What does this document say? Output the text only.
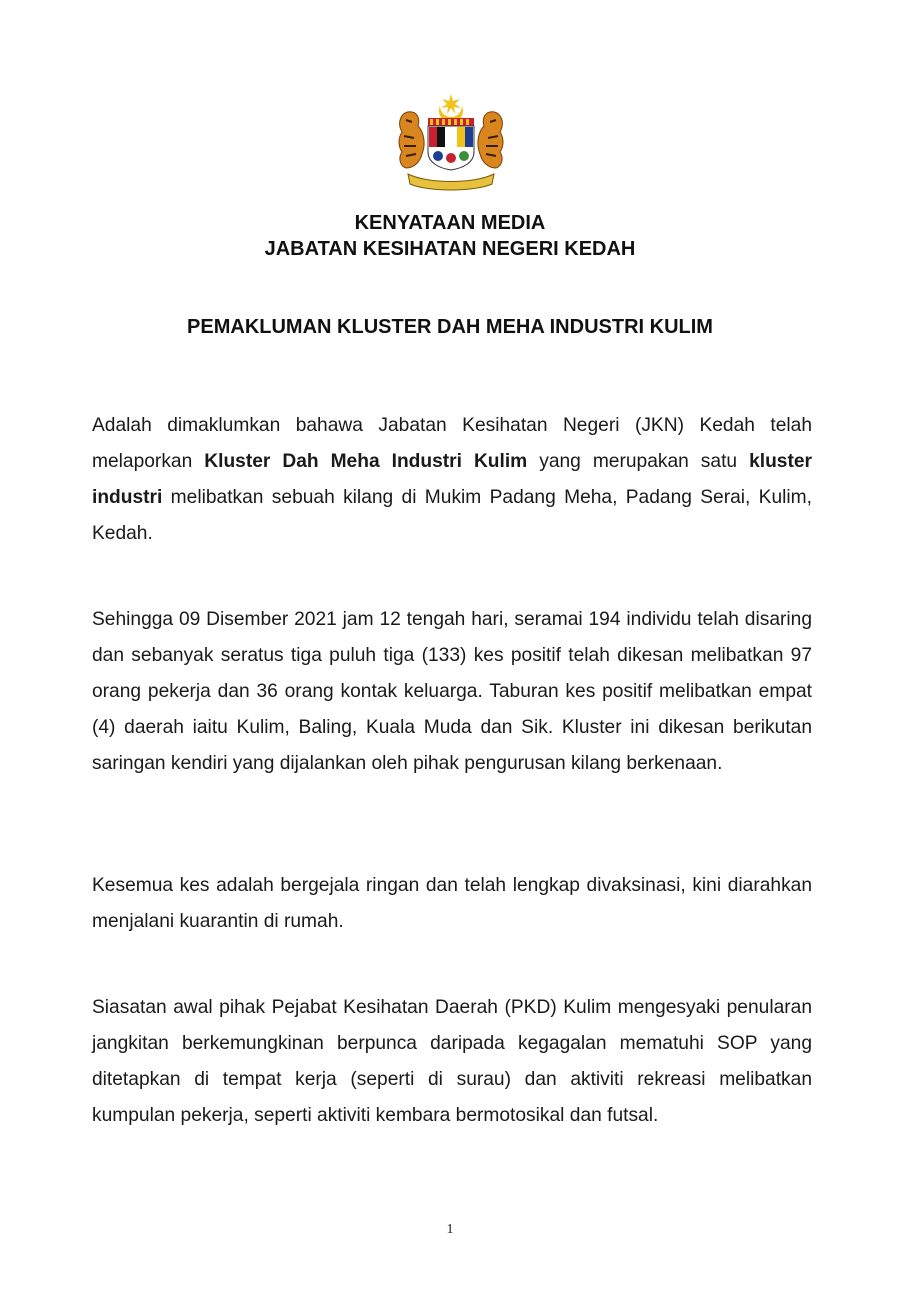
KENYATAAN MEDIA
JABATAN KESIHATAN NEGERI KEDAH
PEMAKLUMAN KLUSTER DAH MEHA INDUSTRI KULIM

Adalah dimaklumkan bahawa Jabatan Kesihatan Negeri (JKN) Kedah telah melaporkan Kluster Dah Meha Industri Kulim yang merupakan satu kluster industri melibatkan sebuah kilang di Mukim Padang Meha, Padang Serai, Kulim, Kedah.

Sehingga 09 Disember 2021 jam 12 tengah hari, seramai 194 individu telah disaring dan sebanyak seratus tiga puluh tiga (133) kes positif telah dikesan melibatkan 97 orang pekerja dan 36 orang kontak keluarga. Taburan kes positif melibatkan empat (4) daerah iaitu Kulim, Baling, Kuala Muda dan Sik. Kluster ini dikesan berikutan saringan kendiri yang dijalankan oleh pihak pengurusan kilang berkenaan.

Kesemua kes adalah bergejala ringan dan telah lengkap divaksinasi, kini diarahkan menjalani kuarantin di rumah.

Siasatan awal pihak Pejabat Kesihatan Daerah (PKD) Kulim mengesyaki penularan jangkitan berkemungkinan berpunca daripada kegagalan mematuhi SOP yang ditetapkan di tempat kerja (seperti di surau) dan aktiviti rekreasi melibatkan kumpulan pekerja, seperti aktiviti kembara bermotosikal dan futsal.

1
